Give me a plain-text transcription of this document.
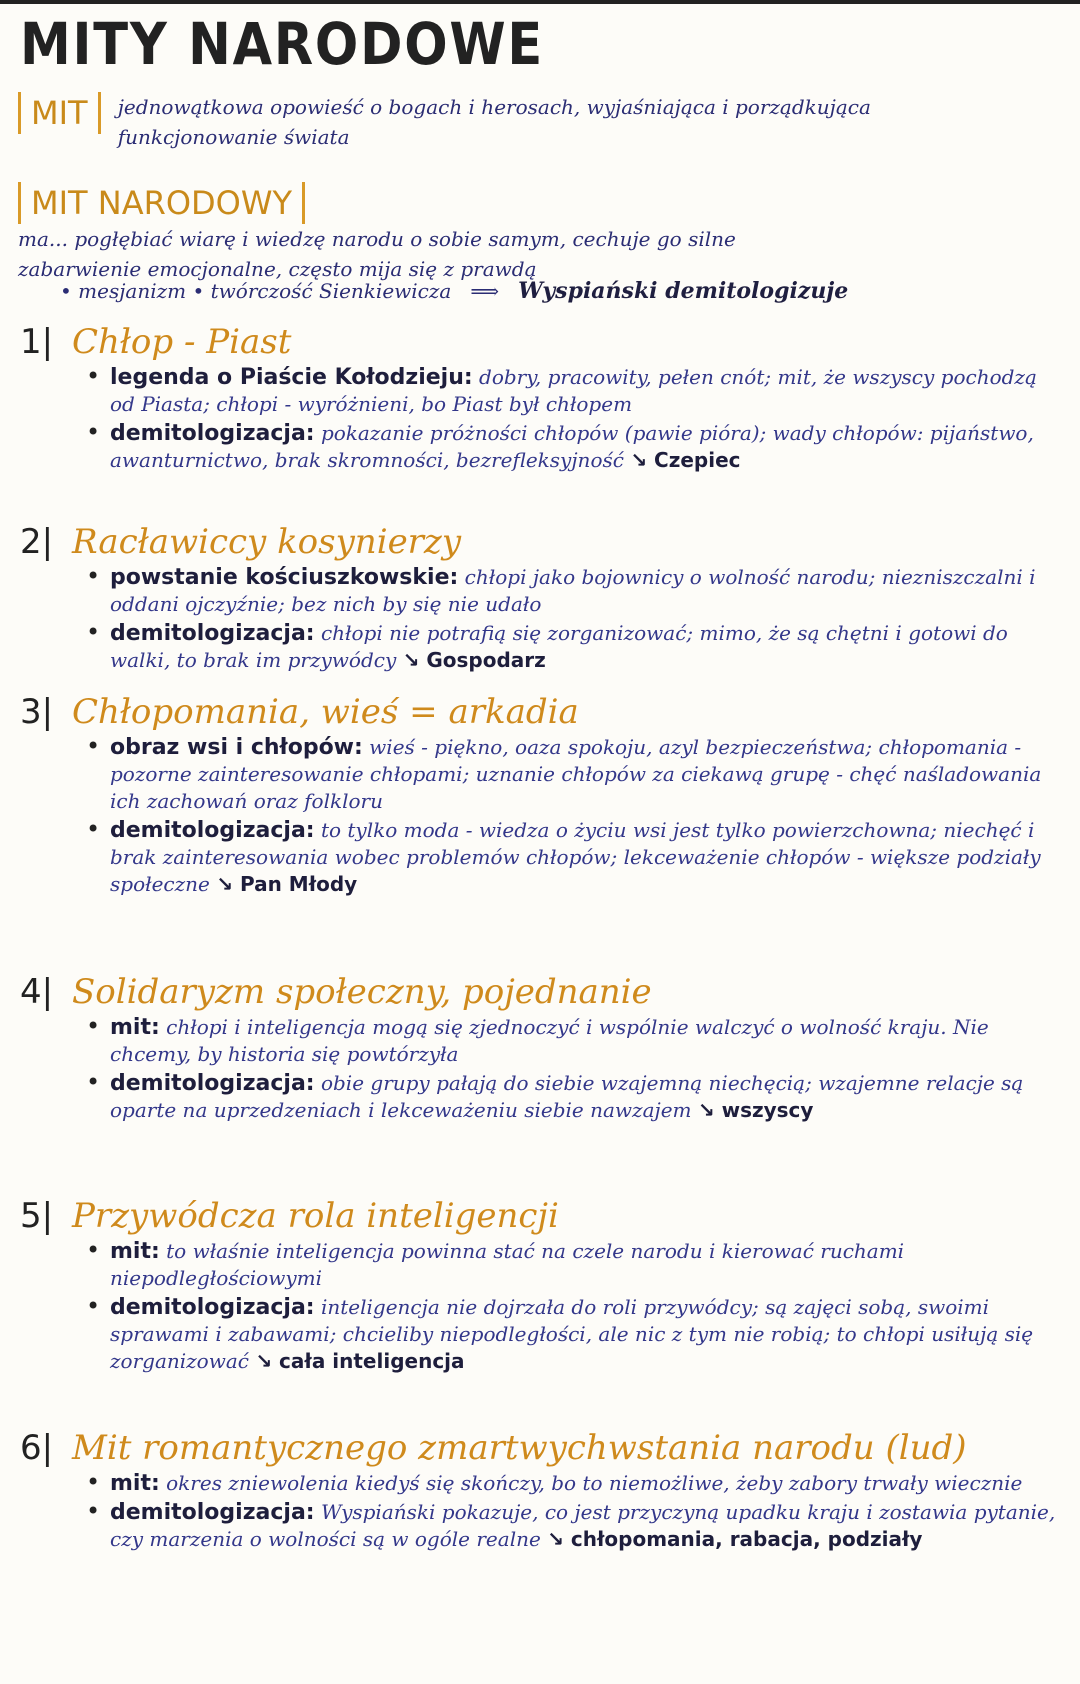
MITY NARODOWE
MIT jednowątkowa opowieść o bogach i herosach, wyjaśniająca i porządkująca funkcjonowanie świata
MIT NARODOWY ma... pogłębiać wiarę i wiedzę narodu o sobie samym, cechuje go silne zabarwienie emocjonalne, często mija się z prawdą
• mesjanizm • twórczość Sienkiewicza ⟹ Wyspiański demitologizuje
1| Chłop - Piast
• legenda o Piaście Kołodzieju: dobry, pracowity, pełen cnót; mit, że wszyscy pochodzą od Piasta; chłopi - wyróżnieni, bo Piast był chłopem
• demitologizacja: pokazanie próżności chłopów (pawie pióra); wady chłopów: pijaństwo, awanturnictwo, brak skromności, bezrefleksyjność ↘ Czepiec
2| Racławiccy kosynierzy
• powstanie kościuszkowskie: chłopi jako bojownicy o wolność narodu; niezniszczalni i oddani ojczyźnie; bez nich by się nie udało
• demitologizacja: chłopi nie potrafią się zorganizować; mimo, że są chętni i gotowi do walki, to brak im przywódcy ↘ Gospodarz
3| Chłopomania, wieś = arkadia
• obraz wsi i chłopów: wieś - piękno, oaza spokoju, azyl bezpieczeństwa; chłopomania - pozorne zainteresowanie chłopami; uznanie chłopów za ciekawą grupę - chęć naśladowania ich zachowań oraz folkloru
• demitologizacja: to tylko moda - wiedza o życiu wsi jest tylko powierzchowna; niechęć i brak zainteresowania wobec problemów chłopów; lekceważenie chłopów - większe podziały społeczne ↘ Pan Młody
4| Solidaryzm społeczny, pojednanie
• mit: chłopi i inteligencja mogą się zjednoczyć i wspólnie walczyć o wolność kraju. Nie chcemy, by historia się powtórzyła
• demitologizacja: obie grupy pałają do siebie wzajemną niechęcią; wzajemne relacje są oparte na uprzedzeniach i lekceważeniu siebie nawzajem ↘ wszyscy
5| Przywódcza rola inteligencji
• mit: to właśnie inteligencja powinna stać na czele narodu i kierować ruchami niepodległościowymi
• demitologizacja: inteligencja nie dojrzała do roli przywódcy; są zajęci sobą, swoimi sprawami i zabawami; chcieliby niepodległości, ale nic z tym nie robią; to chłopi usiłują się zorganizować ↘ cała inteligencja
6| Mit romantycznego zmartwychwstania narodu (lud)
• mit: okres zniewolenia kiedyś się skończy, bo to niemożliwe, żeby zabory trwały wiecznie
• demitologizacja: Wyspiański pokazuje, co jest przyczyną upadku kraju i zostawia pytanie, czy marzenia o wolności są w ogóle realne ↘ chłopomania, rabacja, podziały
